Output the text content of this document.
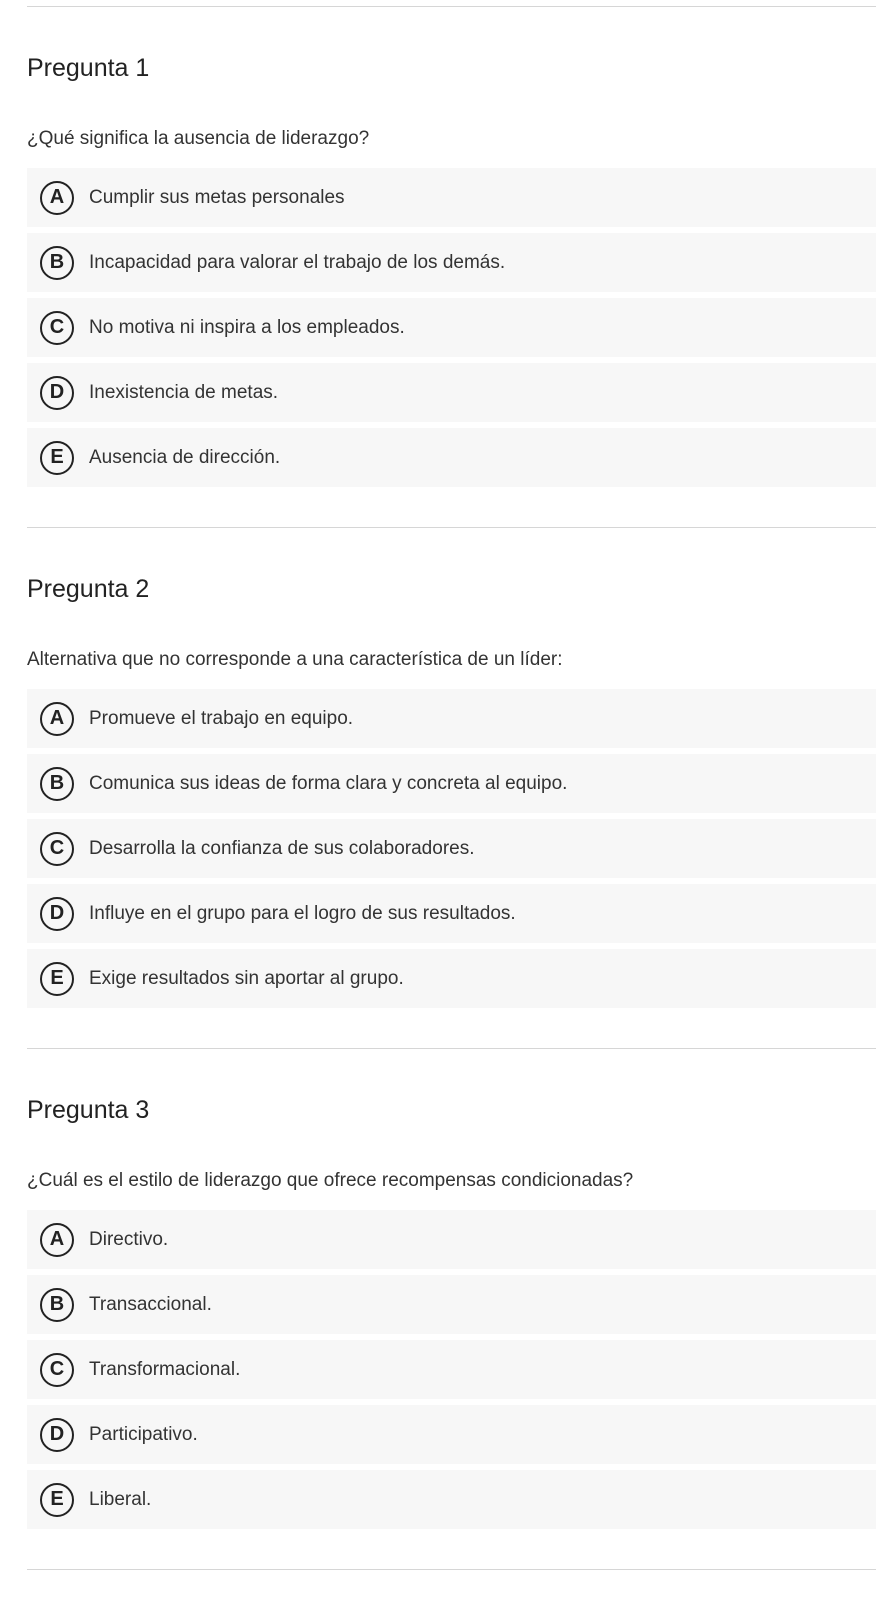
Pregunta 1

¿Qué significa la ausencia de liderazgo?

A	Cumplir sus metas personales
B	Incapacidad para valorar el trabajo de los demás.
C	No motiva ni inspira a los empleados.
D	Inexistencia de metas.
E	Ausencia de dirección.
Pregunta 2

Alternativa que no corresponde a una característica de un líder:

A	Promueve el trabajo en equipo.
B	Comunica sus ideas de forma clara y concreta al equipo.
C	Desarrolla la confianza de sus colaboradores.
D	Influye en el grupo para el logro de sus resultados.
E	Exige resultados sin aportar al grupo.
Pregunta 3

¿Cuál es el estilo de liderazgo que ofrece recompensas condicionadas?

A	Directivo.
B	Transaccional.
C	Transformacional.
D	Participativo.
E	Liberal.
